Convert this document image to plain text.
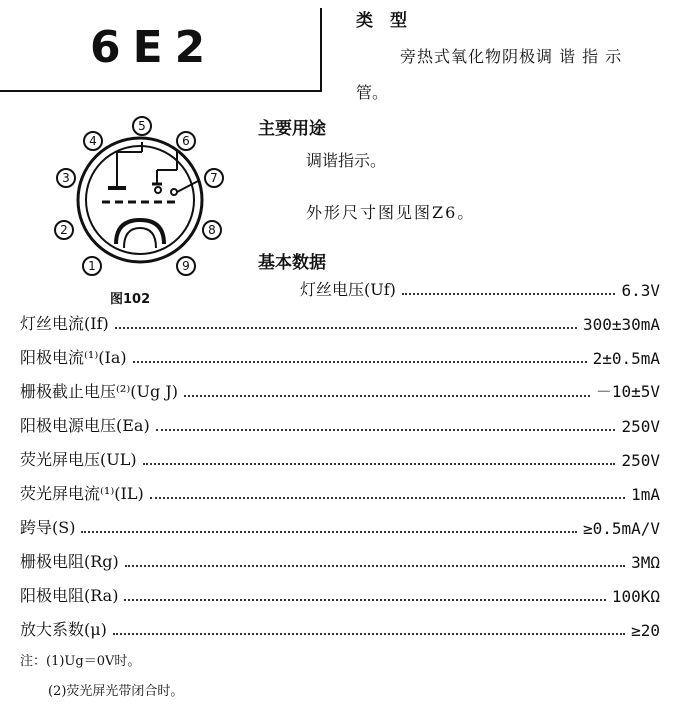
6E2
类　型
旁热式氧化物阴极调 谐 指 示
管。
主要用途
调谐指示。
外形尺寸图见图Z6。
1
2
3
4
5
6
7
8
9
图102
基本数据
灯丝电压(Uf)	6.3V
灯丝电流(If)	300±30mA
阳极电流⁽¹⁾(Ia)	2±0.5mA
栅极截止电压⁽²⁾(Ug J)	－10±5V
阳极电源电压(Ea)	250V
荧光屏电压(UL)	250V
荧光屏电流⁽¹⁾(IL)	1mA
跨导(S)	≥0.5mA/V
栅极电阻(Rg)	3MΩ
阳极电阻(Ra)	100KΩ
放大系数(μ)	≥20
注：(1)Ug＝0V时。
(2)荧光屏光带闭合时。
